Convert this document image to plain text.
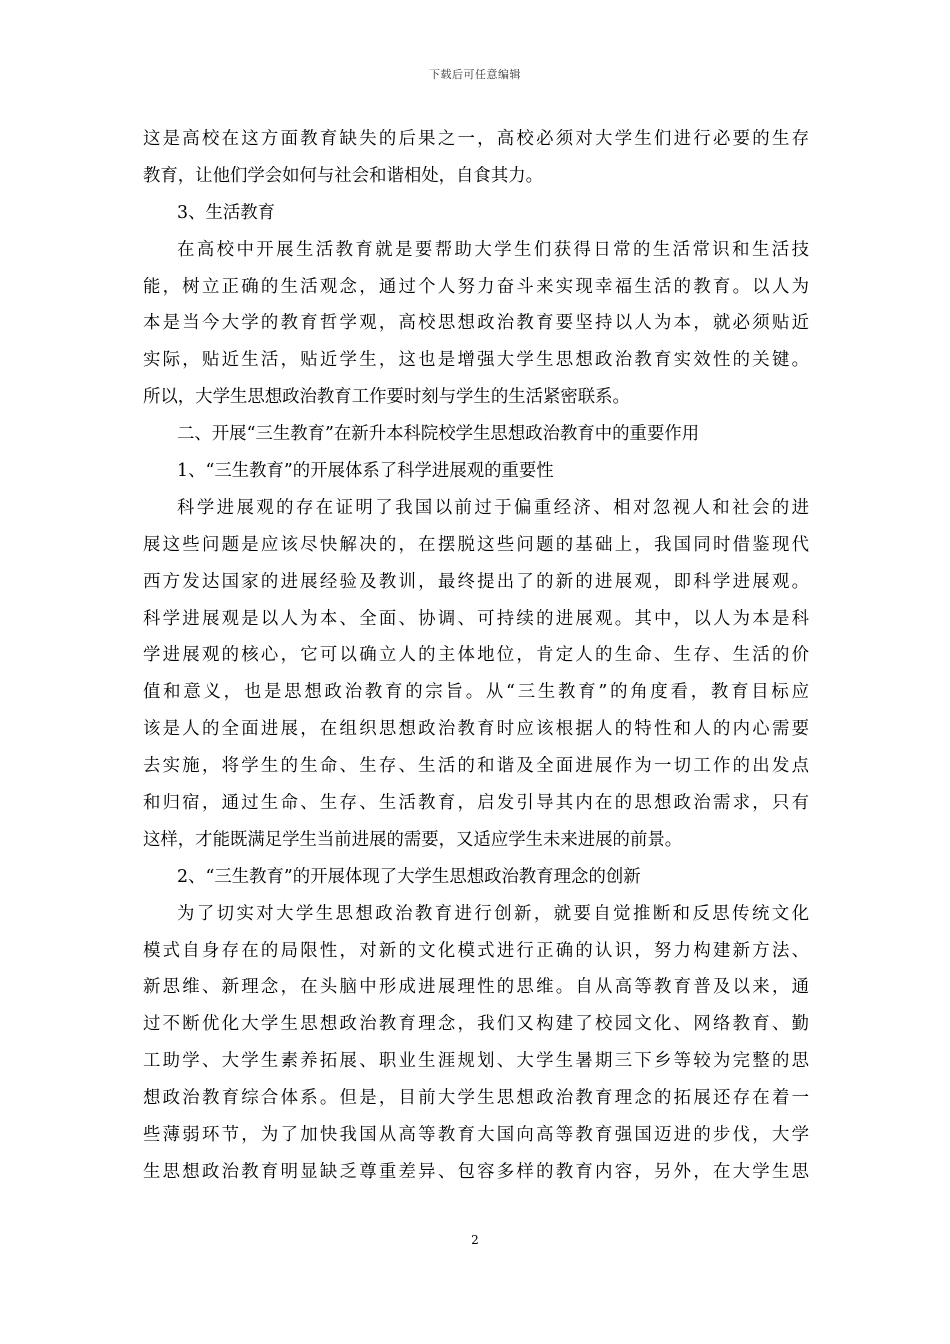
下载后可任意编辑
这是高校在这方面教育缺失的后果之一，高校必须对大学生们进行必要的生存
教育，让他们学会如何与社会和谐相处，自食其力。
3、生活教育
在高校中开展生活教育就是要帮助大学生们获得日常的生活常识和生活技
能，树立正确的生活观念，通过个人努力奋斗来实现幸福生活的教育。以人为
本是当今大学的教育哲学观，高校思想政治教育要坚持以人为本，就必须贴近
实际，贴近生活，贴近学生，这也是增强大学生思想政治教育实效性的关键。
所以，大学生思想政治教育工作要时刻与学生的生活紧密联系。
二、开展“三生教育”在新升本科院校学生思想政治教育中的重要作用
1、“三生教育”的开展体系了科学进展观的重要性
科学进展观的存在证明了我国以前过于偏重经济、相对忽视人和社会的进
展这些问题是应该尽快解决的，在摆脱这些问题的基础上，我国同时借鉴现代
西方发达国家的进展经验及教训，最终提出了的新的进展观，即科学进展观。
科学进展观是以人为本、全面、协调、可持续的进展观。其中，以人为本是科
学进展观的核心，它可以确立人的主体地位，肯定人的生命、生存、生活的价
值和意义，也是思想政治教育的宗旨。从“三生教育”的角度看，教育目标应
该是人的全面进展，在组织思想政治教育时应该根据人的特性和人的内心需要
去实施，将学生的生命、生存、生活的和谐及全面进展作为一切工作的出发点
和归宿，通过生命、生存、生活教育，启发引导其内在的思想政治需求，只有
这样，才能既满足学生当前进展的需要，又适应学生未来进展的前景。
2、“三生教育”的开展体现了大学生思想政治教育理念的创新
为了切实对大学生思想政治教育进行创新，就要自觉推断和反思传统文化
模式自身存在的局限性，对新的文化模式进行正确的认识，努力构建新方法、
新思维、新理念，在头脑中形成进展理性的思维。自从高等教育普及以来，通
过不断优化大学生思想政治教育理念，我们又构建了校园文化、网络教育、勤
工助学、大学生素养拓展、职业生涯规划、大学生暑期三下乡等较为完整的思
想政治教育综合体系。但是，目前大学生思想政治教育理念的拓展还存在着一
些薄弱环节，为了加快我国从高等教育大国向高等教育强国迈进的步伐，大学
生思想政治教育明显缺乏尊重差异、包容多样的教育内容，另外，在大学生思
2
